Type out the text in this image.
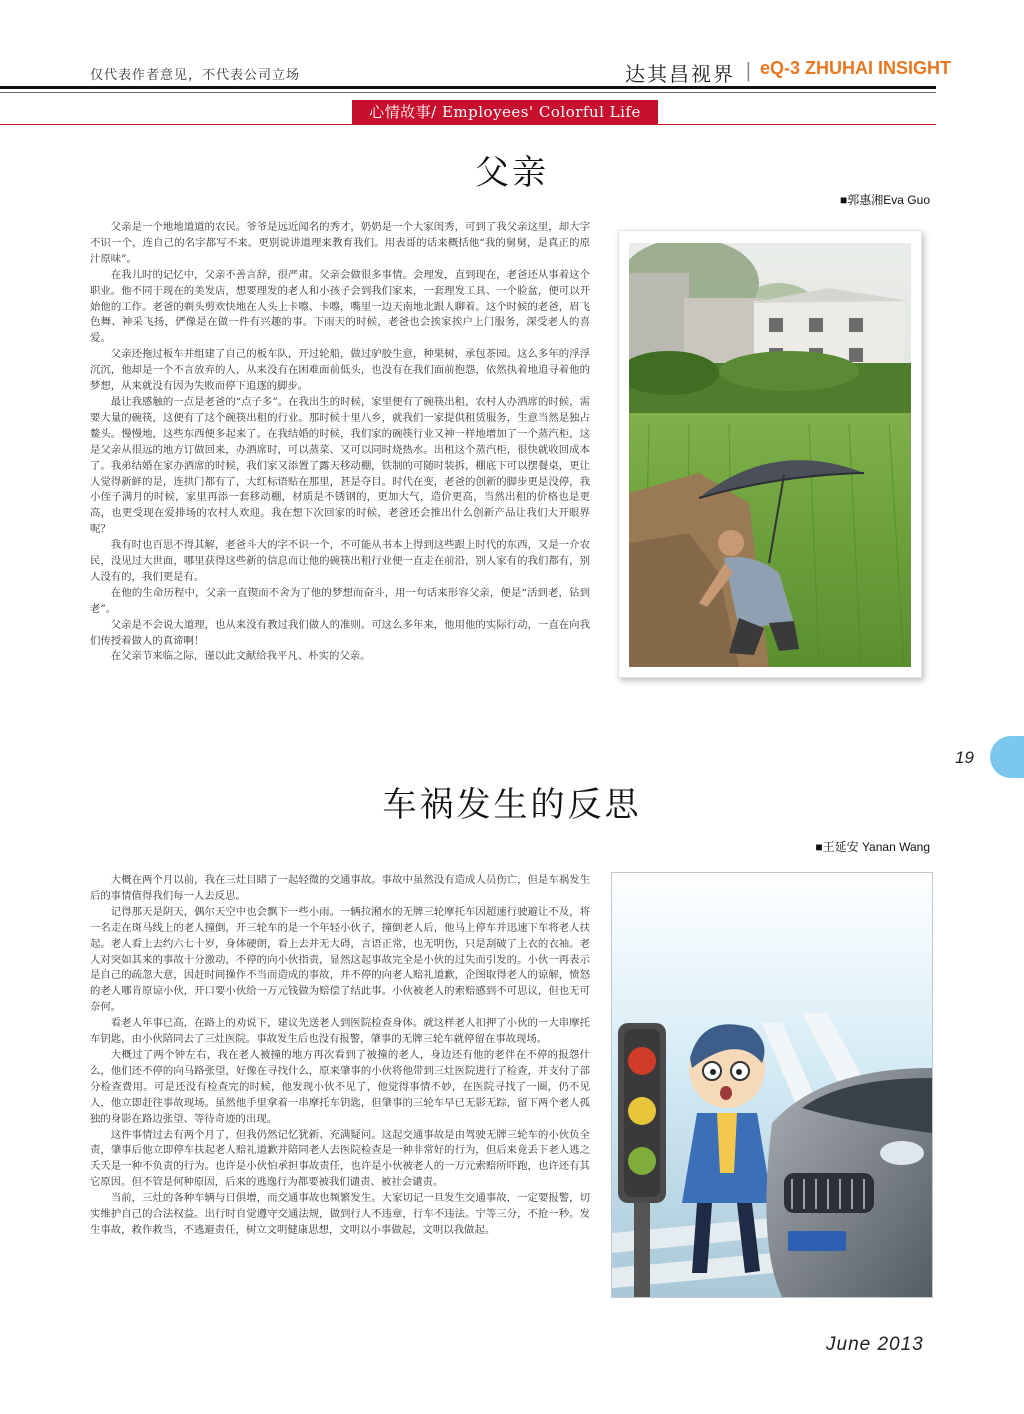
仅代表作者意见，不代表公司立场	达其昌视界 | eQ-3 ZHUHAI INSIGHT
心情故事/ Employees' Colorful Life
父亲
■郭惠湘Eva Guo

父亲是一个地地道道的农民。爷爷是远近闻名的秀才，奶奶是一个大家闺秀，可到了我父亲这里，却大字不识一个，连自己的名字都写不来。更别说讲道理来教育我们。用表哥的话来概括他“我的舅舅，是真正的原汁原味”。

在我儿时的记忆中，父亲不善言辞，很严肃。父亲会做很多事情。会理发，直到现在，老爸还从事着这个职业。他不同于现在的美发店，想要理发的老人和小孩子会到我们家来，一套理发工具、一个脸盆，便可以开始他的工作。老爸的剃头剪欢快地在人头上卡嚓、卡嚓，嘴里一边天南地北跟人聊着。这个时候的老爸，眉飞色舞、神采飞扬，俨像是在做一件有兴趣的事。下雨天的时候，老爸也会挨家挨户上门服务，深受老人的喜爱。

父亲还拖过板车并组建了自己的板车队，开过轮船，做过驴胶生意，种果树，承包茶园。这么多年的浮浮沉沉，他却是一个不言放弃的人，从来没有在困难面前低头，也没有在我们面前抱怨，依然执着地追寻着他的梦想，从来就没有因为失败而停下追逐的脚步。

最让我感触的一点是老爸的“点子多”。在我出生的时候，家里便有了碗筷出租，农村人办酒席的时候，需要大量的碗筷，这便有了这个碗筷出租的行业。那时候十里八乡，就我们一家提供租赁服务，生意当然是独占鳌头。慢慢地，这些东西便多起来了。在我结婚的时候，我们家的碗筷行业又神一样地增加了一个蒸汽柜，这是父亲从很远的地方订做回来，办酒席时，可以蒸菜、又可以同时烧热水。出租这个蒸汽柜，很快就收回成本了。我弟结婚在家办酒席的时候，我们家又添置了露天移动棚，铁制的可随时装拆，棚底下可以摆餐桌，更让人觉得新鲜的是，连拱门都有了，大红标语贴在那里，甚是夺目。时代在变，老爸的创新的脚步更是没停，我小侄子满月的时候，家里再添一套移动棚，材质是不锈钢的，更加大气，造价更高，当然出租的价格也是更高，也更受现在爱排场的农村人欢迎。我在想下次回家的时候，老爸还会推出什么创新产品让我们大开眼界呢？

我有时也百思不得其解，老爸斗大的字不识一个，不可能从书本上得到这些跟上时代的东西，又是一介农民，没见过大世面，哪里获得这些新的信息而让他的碗筷出租行业便一直走在前沿，别人家有的我们都有，别人没有的，我们更是有。

在他的生命历程中，父亲一直锲而不舍为了他的梦想而奋斗，用一句话来形容父亲，便是“活到老，钻到老”。

父亲是不会说大道理，也从来没有教过我们做人的准则。可这么多年来，他用他的实际行动，一直在向我们传授着做人的真谛啊！

在父亲节来临之际，谨以此文献给我平凡、朴实的父亲。

19
车祸发生的反思
■王延安 Yanan Wang

大概在两个月以前，我在三灶目睹了一起轻微的交通事故。事故中虽然没有造成人员伤亡，但是车祸发生后的事情值得我们每一人去反思。

记得那天是阴天，偶尔天空中也会飘下一些小雨。一辆拉潲水的无牌三轮摩托车因超速行驶避让不及，将一名走在斑马线上的老人撞倒，开三轮车的是一个年轻小伙子，撞倒老人后，他马上停车并迅速下车将老人扶起。老人看上去约六七十岁，身体硬朗，看上去并无大碍，言语正常，也无明伤，只是刮破了上衣的衣袖。老人对突如其来的事故十分激动，不停的向小伙指责，显然这起事故完全是小伙的过失而引发的。小伙一再表示是自己的疏忽大意，因赶时间操作不当而造成的事故，并不停的向老人赔礼道歉，企图取得老人的谅解，愤怒的老人哪肯原谅小伙，开口要小伙给一万元钱做为赔偿了结此事。小伙被老人的索赔感到不可思议，但也无可奈何。

看老人年事已高，在路上的劝说下，建议先送老人到医院检查身体。就这样老人扣押了小伙的一大串摩托车钥匙，由小伙陪同去了三灶医院。事故发生后也没有报警，肇事的无牌三轮车就停留在事故现场。

大概过了两个钟左右，我在老人被撞的地方再次看到了被撞的老人，身边还有他的老伴在不停的报怨什么，他们还不停的向马路张望，好像在寻找什么，原来肇事的小伙将他带到三灶医院进行了检查，并支付了部分检查费用。可是还没有检查完的时候，他发现小伙不见了，他觉得事情不妙，在医院寻找了一圈，仍不见人，他立即赶往事故现场。虽然他手里拿着一串摩托车钥匙，但肇事的三轮车早已无影无踪，留下两个老人孤独的身影在路边张望、等待奇迹的出现。

这件事情过去有两个月了，但我仍然记忆犹新、充满疑问。这起交通事故是由驾驶无牌三轮车的小伙负全责，肇事后他立即停车扶起老人赔礼道歉并陪同老人去医院检查是一种非常好的行为，但后来竟丢下老人逃之夭夭是一种不负责的行为。也许是小伙怕承担事故责任，也许是小伙被老人的一万元索赔所吓跑，也许还有其它原因。但不管是何种原因，后来的逃逸行为都要被我们谴责、被社会谴责。

当前，三灶的各种车辆与日俱增，而交通事故也频繁发生。大家切记一旦发生交通事故，一定要报警，切实维护自己的合法权益。出行时自觉遵守交通法规，做到行人不违章，行车不违法。宁等三分，不抢一秒。发生事故，救作救当，不逃避责任，树立文明健康思想，文明以小事做起，文明以我做起。

June 2013
